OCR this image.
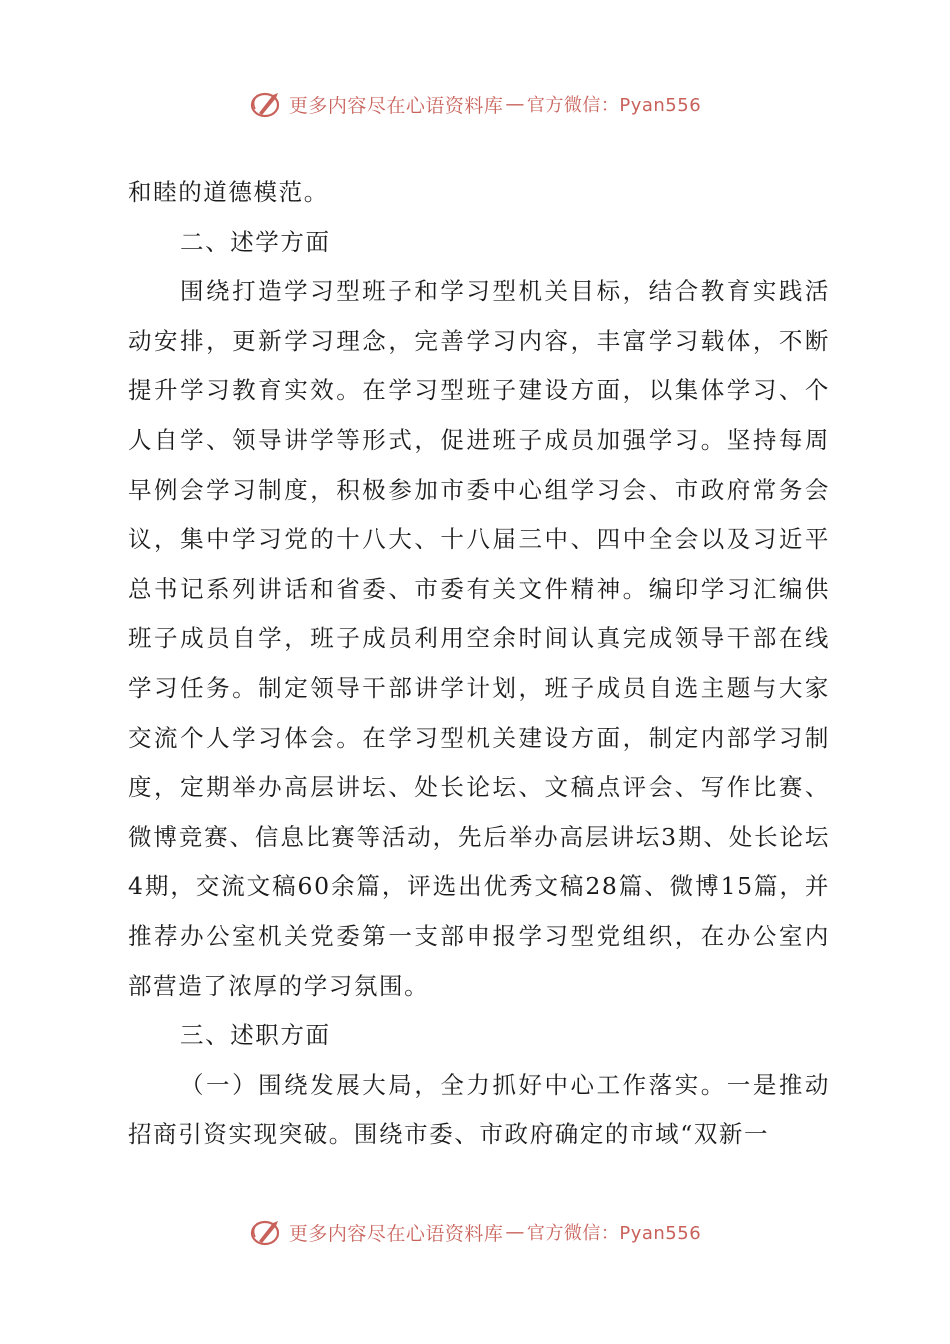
更多内容尽在心语资料库 — 官方微信：Pyan556

和睦的道德模范。

二、述学方面

围绕打造学习型班子和学习型机关目标，结合教育实践活动安排，更新学习理念，完善学习内容，丰富学习载体，不断提升学习教育实效。在学习型班子建设方面，以集体学习、个人自学、领导讲学等形式，促进班子成员加强学习。坚持每周早例会学习制度，积极参加市委中心组学习会、市政府常务会议，集中学习党的十八大、十八届三中、四中全会以及习近平总书记系列讲话和省委、市委有关文件精神。编印学习汇编供班子成员自学，班子成员利用空余时间认真完成领导干部在线学习任务。制定领导干部讲学计划，班子成员自选主题与大家交流个人学习体会。在学习型机关建设方面，制定内部学习制度，定期举办高层讲坛、处长论坛、文稿点评会、写作比赛、微博竞赛、信息比赛等活动，先后举办高层讲坛3期、处长论坛4期，交流文稿60余篇，评选出优秀文稿28篇、微博15篇，并推荐办公室机关党委第一支部申报学习型党组织，在办公室内部营造了浓厚的学习氛围。

三、述职方面

（一）围绕发展大局，全力抓好中心工作落实。一是推动招商引资实现突破。围绕市委、市政府确定的市域“双新一

更多内容尽在心语资料库 — 官方微信：Pyan556
